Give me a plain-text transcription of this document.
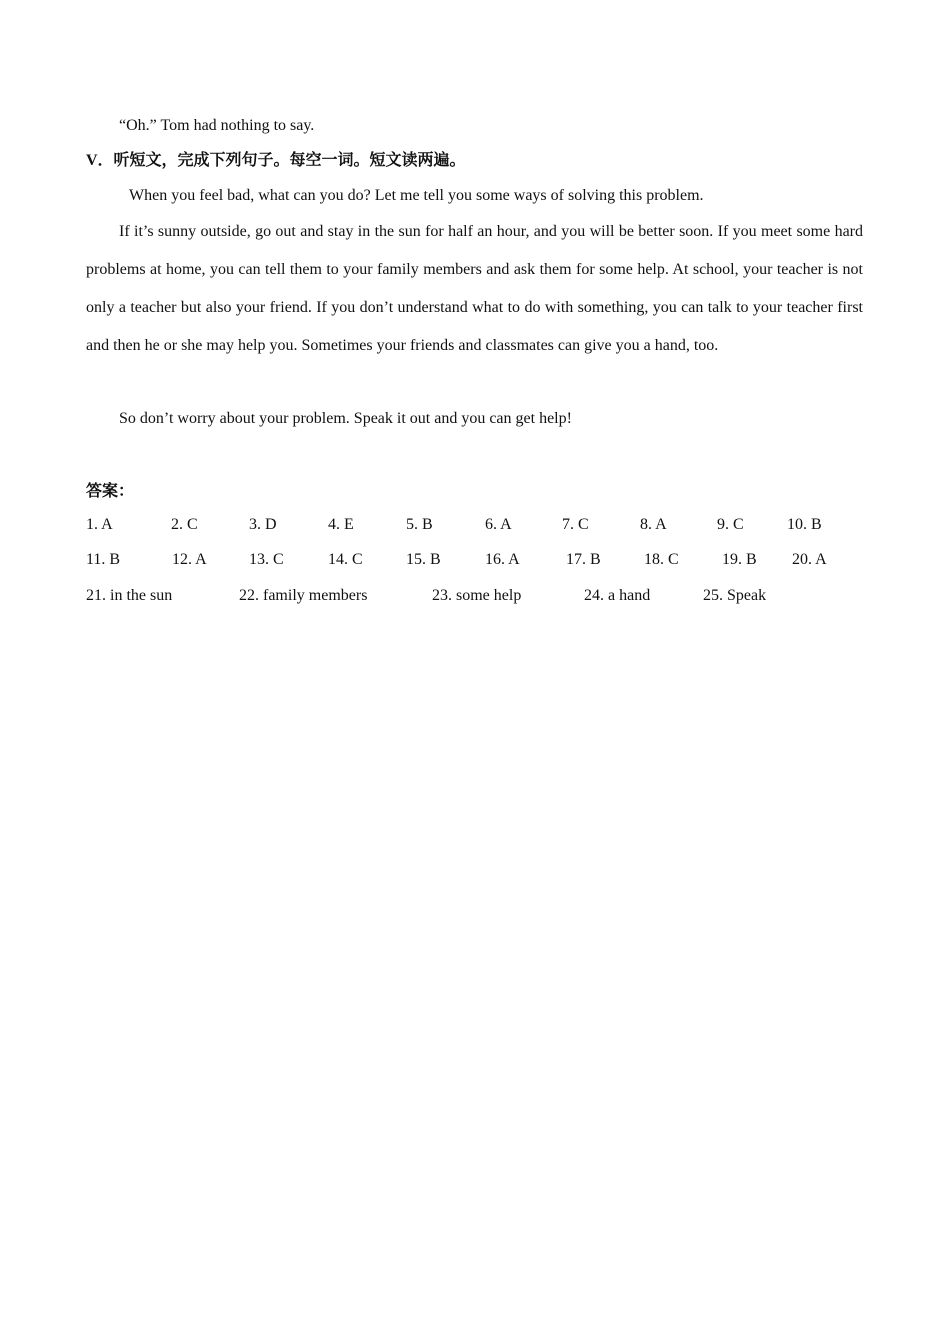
“Oh.” Tom had nothing to say.
V．听短文，完成下列句子。每空一词。短文读两遍。
When you feel bad, what can you do? Let me tell you some ways of solving this problem.
If it’s sunny outside, go out and stay in the sun for half an hour, and you will be better soon. If you meet some hard problems at home, you can tell them to your family members and ask them for some help. At school, your teacher is not only a teacher but also your friend. If you don’t understand what to do with something, you can talk to your teacher first and then he or she may help you. Sometimes your friends and classmates can give you a hand, too.
So don’t worry about your problem. Speak it out and you can get help!
答案：
1. A	2. C	3. D	4. E	5. B	6. A	7. C	8. A	9. C	10. B
11. B	12. A	13. C	14. C	15. B	16. A	17. B	18. C	19. B 20. A
21. in the sun	22. family members	23. some help	24. a hand	25. Speak
